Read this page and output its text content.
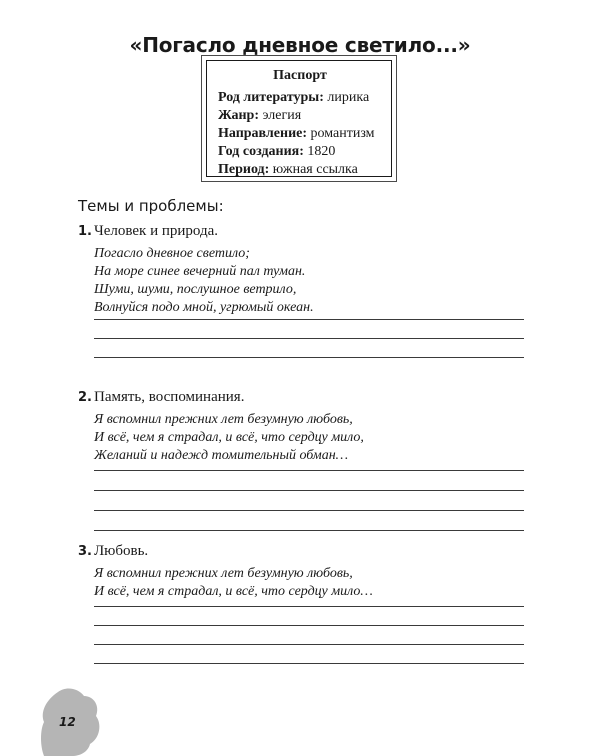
«Погасло дневное светило...»
Паспорт
Род литературы: лирика
Жанр: элегия
Направление: романтизм
Год создания: 1820
Период: южная ссылка
Темы и проблемы:
1. Человек и природа.
Погасло дневное светило;
На море синее вечерний пал туман.
Шуми, шуми, послушное ветрило,
Волнуйся подо мной, угрюмый океан.
2. Память, воспоминания.
Я вспомнил прежних лет безумную любовь,
И всё, чем я страдал, и всё, что сердцу мило,
Желаний и надежд томительный обман…
3. Любовь.
Я вспомнил прежних лет безумную любовь,
И всё, чем я страдал, и всё, что сердцу мило…
12
